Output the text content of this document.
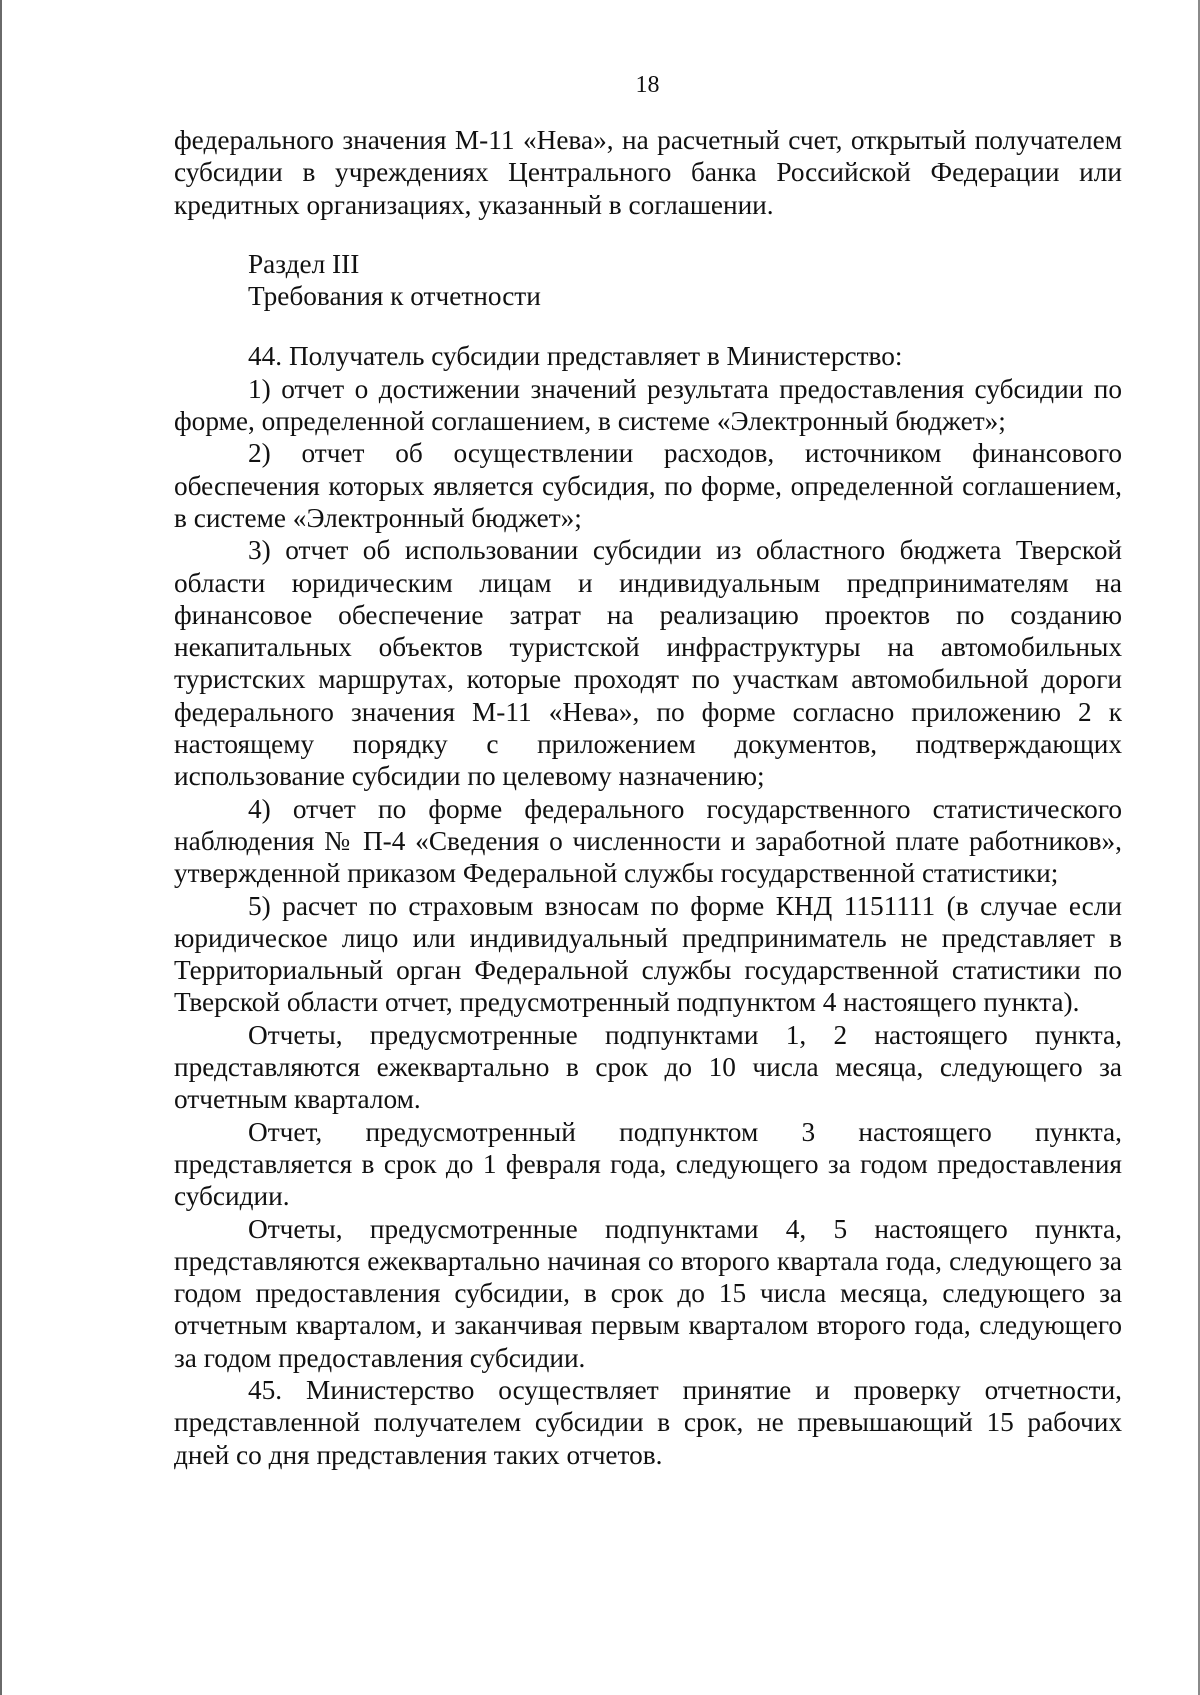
18

федерального значения М-11 «Нева», на расчетный счет, открытый получателем субсидии в учреждениях Центрального банка Российской Федерации или кредитных организациях, указанный в соглашении.

Раздел III
Требования к отчетности

44. Получатель субсидии представляет в Министерство:

1) отчет о достижении значений результата предоставления субсидии по форме, определенной соглашением, в системе «Электронный бюджет»;

2) отчет об осуществлении расходов, источником финансового обеспечения которых является субсидия, по форме, определенной соглашением, в системе «Электронный бюджет»;

3) отчет об использовании субсидии из областного бюджета Тверской области юридическим лицам и индивидуальным предпринимателям на финансовое обеспечение затрат на реализацию проектов по созданию некапитальных объектов туристской инфраструктуры на автомобильных туристских маршрутах, которые проходят по участкам автомобильной дороги федерального значения М-11 «Нева», по форме согласно приложению 2 к настоящему порядку с приложением документов, подтверждающих использование субсидии по целевому назначению;

4) отчет по форме федерального государственного статистического наблюдения № П-4 «Сведения о численности и заработной плате работников», утвержденной приказом Федеральной службы государственной статистики;

5) расчет по страховым взносам по форме КНД 1151111 (в случае если юридическое лицо или индивидуальный предприниматель не представляет в Территориальный орган Федеральной службы государственной статистики по Тверской области отчет, предусмотренный подпунктом 4 настоящего пункта).

Отчеты, предусмотренные подпунктами 1, 2 настоящего пункта, представляются ежеквартально в срок до 10 числа месяца, следующего за отчетным кварталом.

Отчет, предусмотренный подпунктом 3 настоящего пункта, представляется в срок до 1 февраля года, следующего за годом предоставления субсидии.

Отчеты, предусмотренные подпунктами 4, 5 настоящего пункта, представляются ежеквартально начиная со второго квартала года, следующего за годом предоставления субсидии, в срок до 15 числа месяца, следующего за отчетным кварталом, и заканчивая первым кварталом второго года, следующего за годом предоставления субсидии.

45. Министерство осуществляет принятие и проверку отчетности, представленной получателем субсидии в срок, не превышающий 15 рабочих дней со дня представления таких отчетов.
